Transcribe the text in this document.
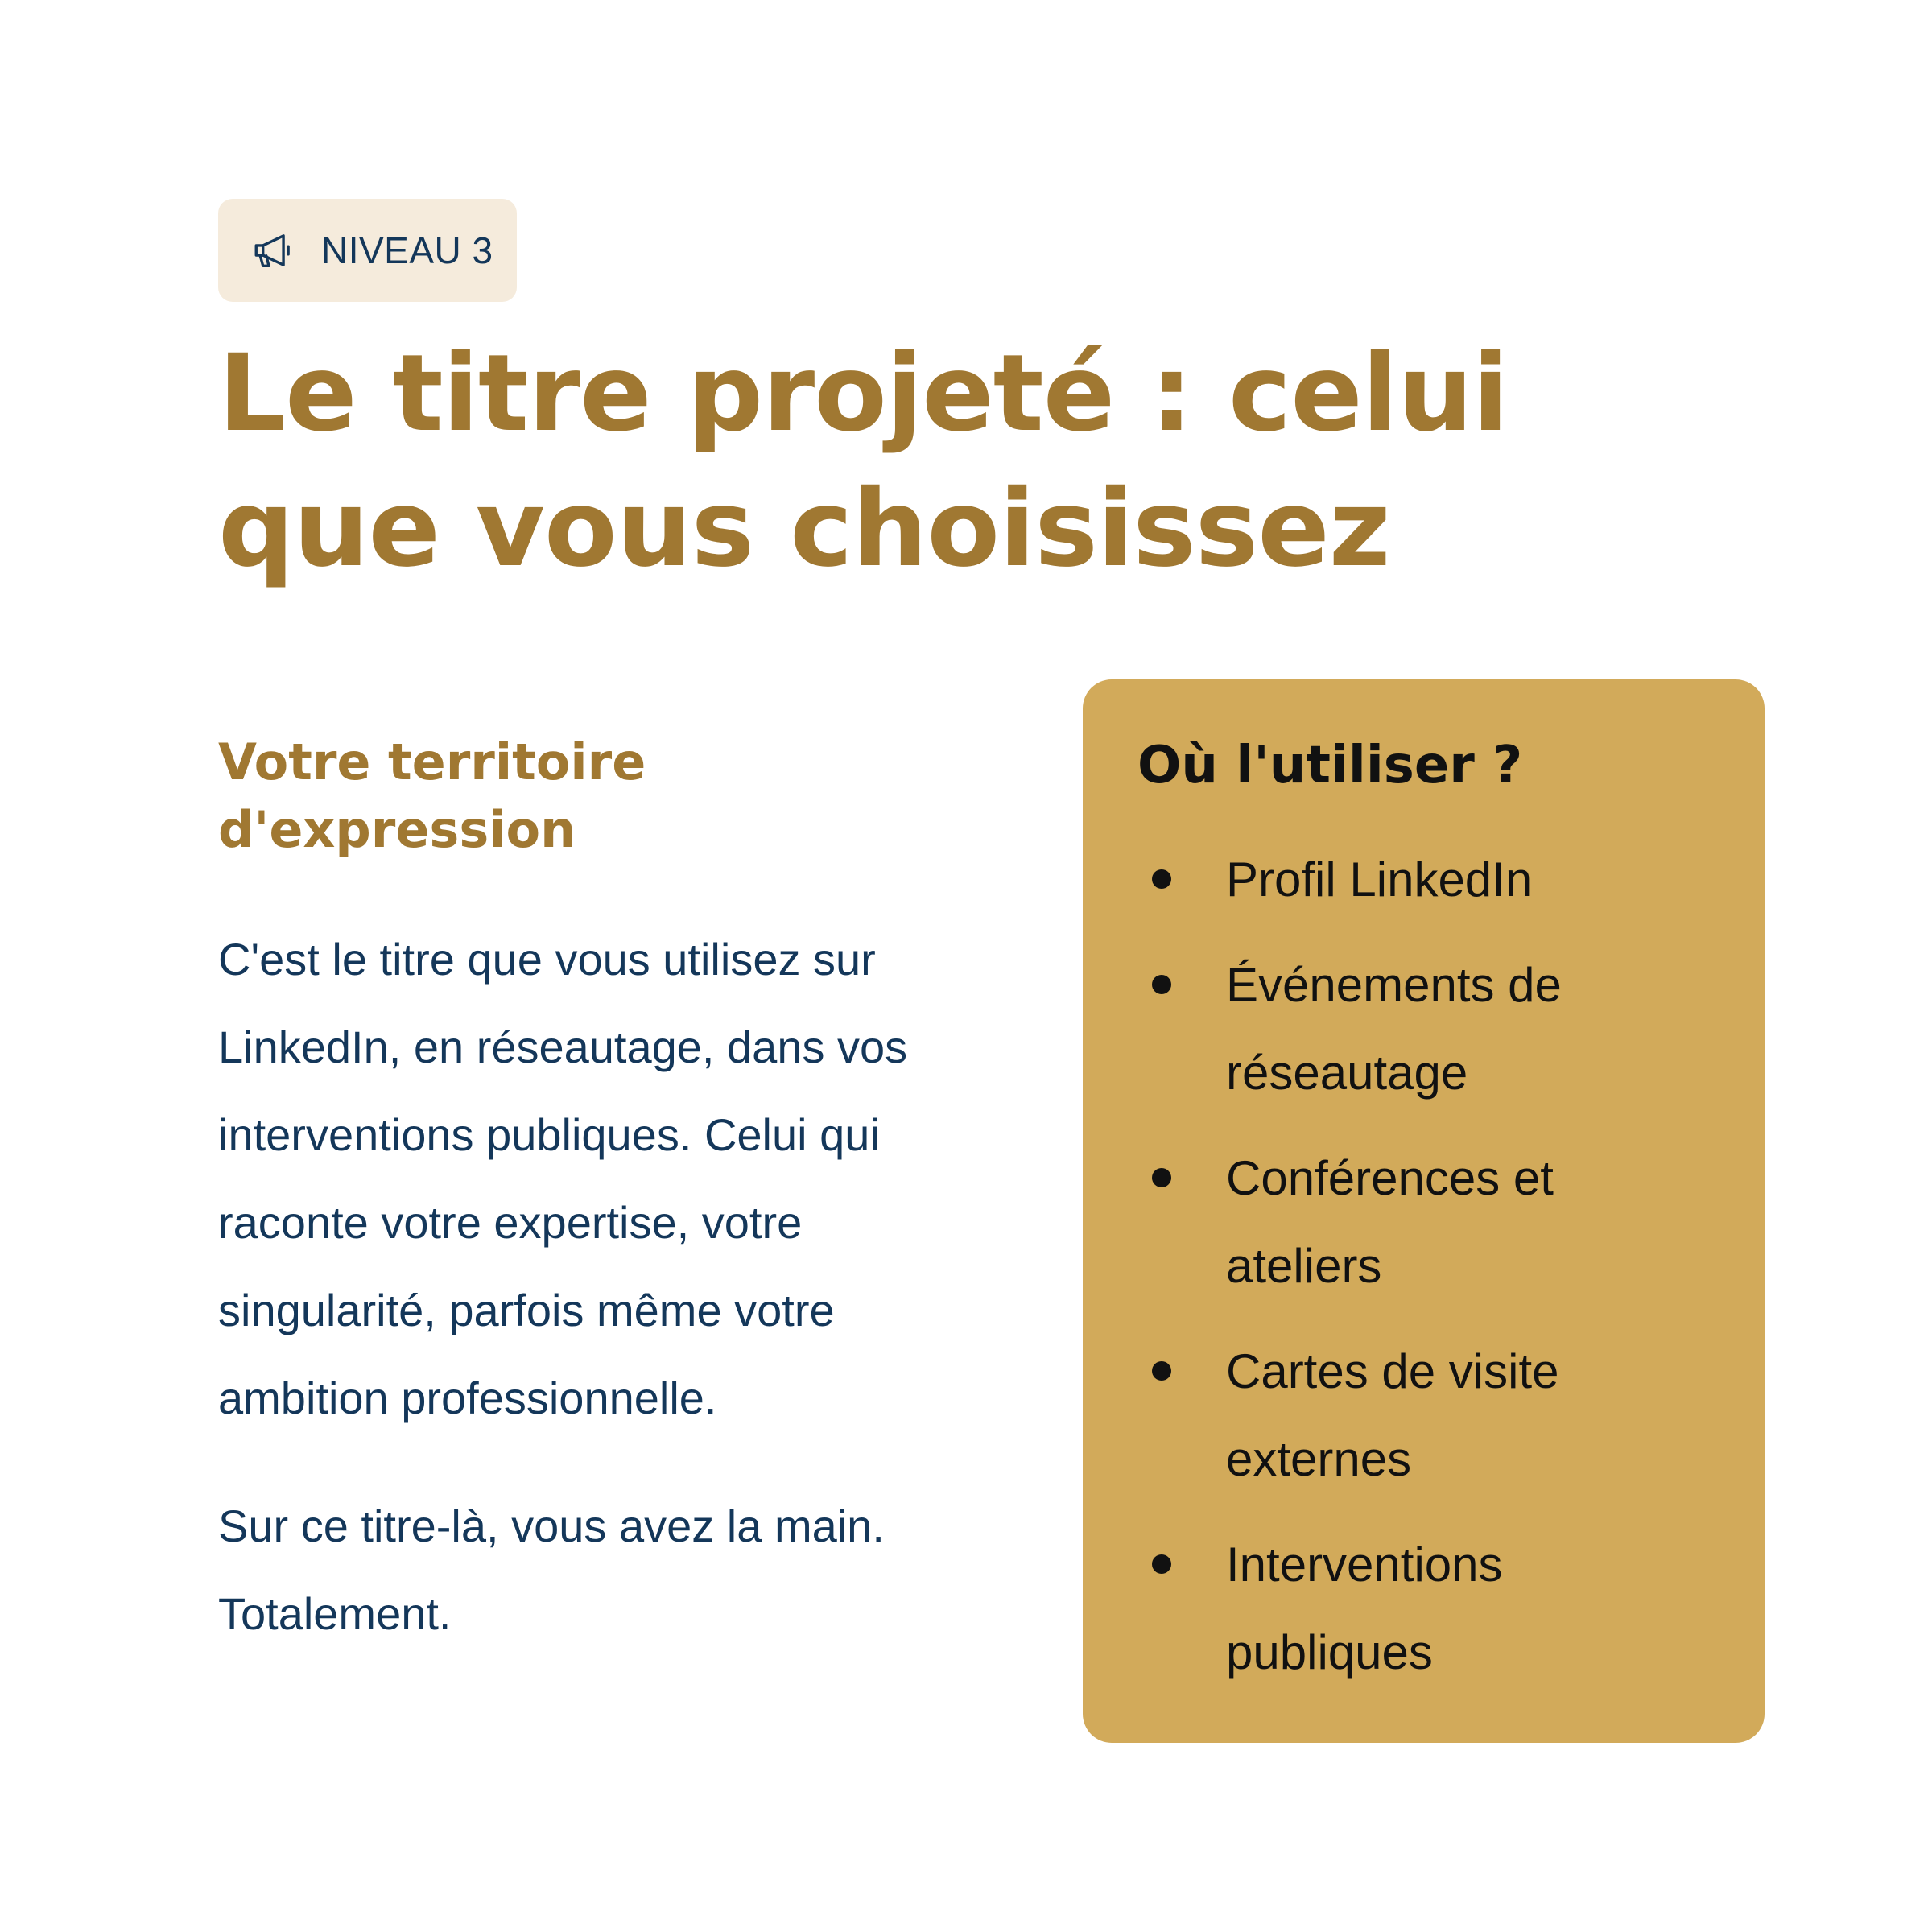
NIVEAU 3
Le titre projeté : celui que vous choisissez
Votre territoire d'expression

C'est le titre que vous utilisez sur LinkedIn, en réseautage, dans vos interventions publiques. Celui qui raconte votre expertise, votre singularité, parfois même votre ambition professionnelle.

Sur ce titre-là, vous avez la main. Totalement.

Où l'utiliser ?
Profil LinkedIn
Événements de réseautage
Conférences et ateliers
Cartes de visite externes
Interventions publiques
